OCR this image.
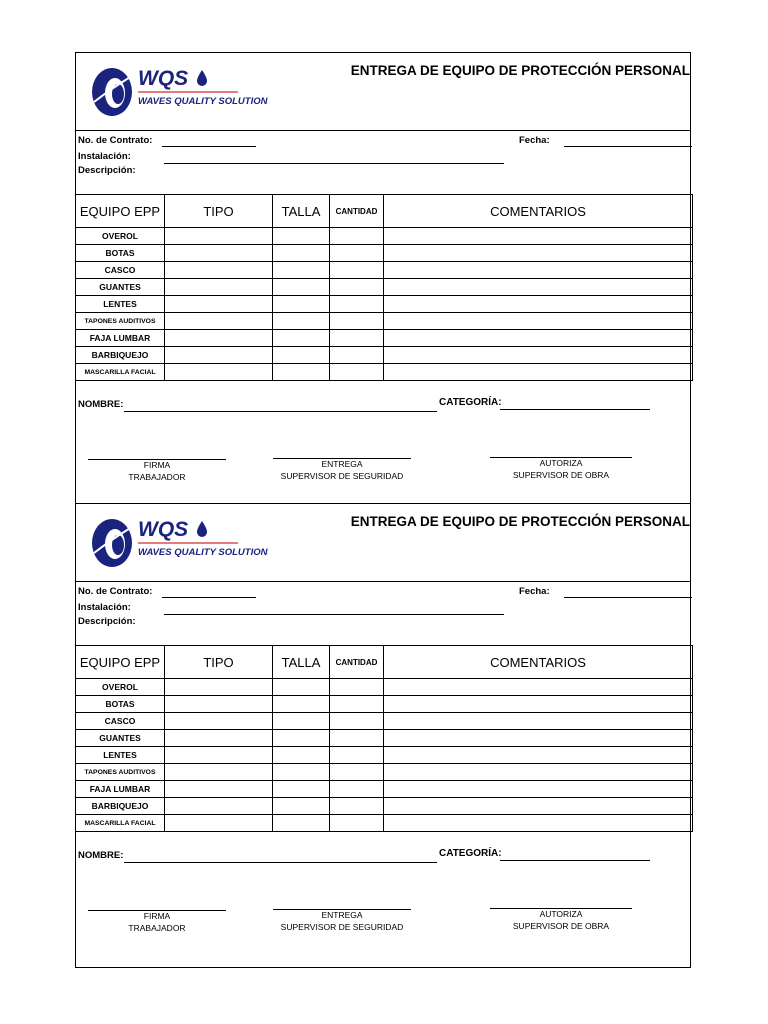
WQS
WAVES QUALITY SOLUTIONS
ENTREGA DE EQUIPO DE PROTECCIÓN PERSONAL
No. de Contrato:	Fecha:
Instalación:
Descripción:
EQUIPO EPP	TIPO	TALLA	CANTIDAD	COMENTARIOS
OVEROL				
BOTAS				
CASCO				
GUANTES				
LENTES				
TAPONES AUDITIVOS				
FAJA LUMBAR				
BARBIQUEJO				
MASCARILLA FACIAL				
NOMBRE:	CATEGORÍA:
FIRMA
TRABAJADOR
ENTREGA
SUPERVISOR DE SEGURIDAD
AUTORIZA
SUPERVISOR DE OBRA
WQS
WAVES QUALITY SOLUTIONS
ENTREGA DE EQUIPO DE PROTECCIÓN PERSONAL
No. de Contrato:	Fecha:
Instalación:
Descripción:
EQUIPO EPP	TIPO	TALLA	CANTIDAD	COMENTARIOS
OVEROL				
BOTAS				
CASCO				
GUANTES				
LENTES				
TAPONES AUDITIVOS				
FAJA LUMBAR				
BARBIQUEJO				
MASCARILLA FACIAL				
NOMBRE:	CATEGORÍA:
FIRMA
TRABAJADOR
ENTREGA
SUPERVISOR DE SEGURIDAD
AUTORIZA
SUPERVISOR DE OBRA
